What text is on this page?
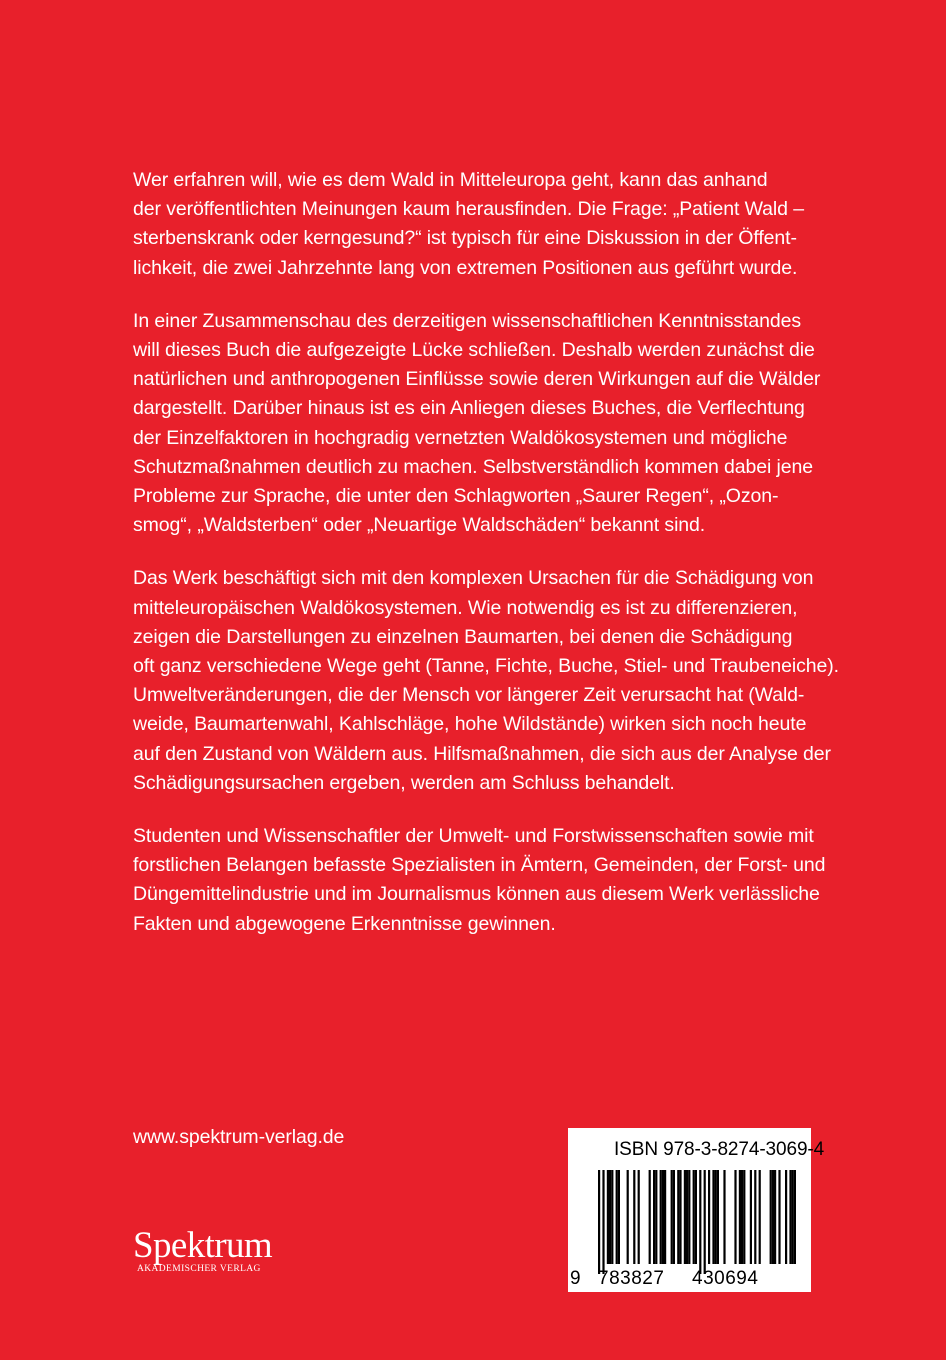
Wer erfahren will, wie es dem Wald in Mitteleuropa geht, kann das anhand
der veröffentlichten Meinungen kaum herausfinden. Die Frage: „Patient Wald –
sterbenskrank oder kerngesund?“ ist typisch für eine Diskussion in der Öffent-
lichkeit, die zwei Jahrzehnte lang von extremen Positionen aus geführt wurde.

In einer Zusammenschau des derzeitigen wissenschaftlichen Kenntnisstandes
will dieses Buch die aufgezeigte Lücke schließen. Deshalb werden zunächst die
natürlichen und anthropogenen Einflüsse sowie deren Wirkungen auf die Wälder
dargestellt. Darüber hinaus ist es ein Anliegen dieses Buches, die Verflechtung
der Einzelfaktoren in hochgradig vernetzten Waldökosystemen und mögliche
Schutzmaßnahmen deutlich zu machen. Selbstverständlich kommen dabei jene
Probleme zur Sprache, die unter den Schlagworten „Saurer Regen“, „Ozon-
smog“, „Waldsterben“ oder „Neuartige Waldschäden“ bekannt sind.

Das Werk beschäftigt sich mit den komplexen Ursachen für die Schädigung von
mitteleuropäischen Waldökosystemen. Wie notwendig es ist zu differenzieren,
zeigen die Darstellungen zu einzelnen Baumarten, bei denen die Schädigung
oft ganz verschiedene Wege geht (Tanne, Fichte, Buche, Stiel- und Traubeneiche).
Umweltveränderungen, die der Mensch vor längerer Zeit verursacht hat (Wald-
weide, Baumartenwahl, Kahlschläge, hohe Wildstände) wirken sich noch heute
auf den Zustand von Wäldern aus. Hilfsmaßnahmen, die sich aus der Analyse der
Schädigungsursachen ergeben, werden am Schluss behandelt.

Studenten und Wissenschaftler der Umwelt- und Forstwissenschaften sowie mit
forstlichen Belangen befasste Spezialisten in Ämtern, Gemeinden, der Forst- und
Düngemittelindustrie und im Journalismus können aus diesem Werk verlässliche
Fakten und abgewogene Erkenntnisse gewinnen.

www.spektrum-verlag.de
Spektrum
AKADEMISCHER VERLAG
ISBN 978-3-8274-3069-4
9 783827 430694
